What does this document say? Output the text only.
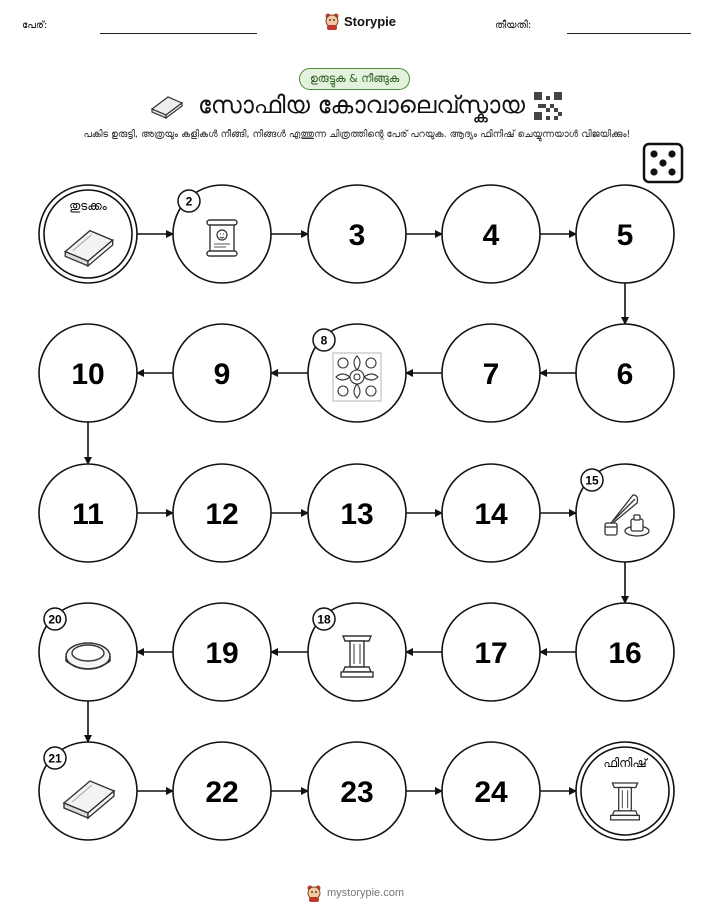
പേര്:	Storypie	തീയതി:
ഉരുട്ടുക & നീങ്ങുക
സോഫിയ കോവാലെവ്സ്കായ
പകിട ഉരുട്ടി, അത്രയും കളികൾ നീങ്ങി, നിങ്ങൾ എത്തുന്ന ചിത്രത്തിന്റെ പേര് പറയുക. ആദ്യം ഫിനിഷ് ചെയ്യുന്നയാൾ വിജയിക്കും!
തുടക്കം	2
3	4	5
6
7
8
9
10
11	12	13	14
15
16
17
18
19
20
21
22	23	24
ഫിനിഷ്
mystorypie.com
